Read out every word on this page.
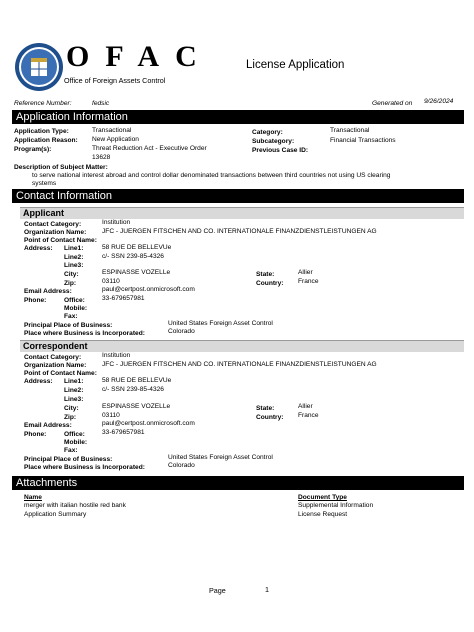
OFAC
Office of Foreign Assets Control
License Application
Reference Number:	fedsic	Generated on 9/26/2024
Application Information
Application Type:	Transactional
Application Reason: New Application
Program(s):	Threat Reduction Act - Executive Order
13628
Category:	Transactional
Subcategory:	Financial Transactions
Previous Case ID:
Description of Subject Matter:
to serve national interest abroad and control dollar denominated transactions between third countries not using US clearing
systems
Contact Information
Applicant
Contact Category:	Institution
Organization Name: JFC - JUERGEN FITSCHEN AND CO. INTERNATIONALE FINANZDIENSTLEISTUNGEN AG
Point of Contact Name:
Address: Line1:	58 RUE DE BELLEVUe
Line2:	c/- SSN 239-85-4326
Line3:
City:	ESPINASSE VOZELLe	State:	Allier
Zip:	03110	Country: France
Email Address:	paul@certpost.onmicrosoft.com
Phone:	Office:	33-679657981
Mobile:
Fax:
Principal Place of Business:	United States Foreign Asset Control
Place where Business is Incorporated:	Colorado
Correspondent
Contact Category:	Institution
Organization Name: JFC - JUERGEN FITSCHEN AND CO. INTERNATIONALE FINANZDIENSTLEISTUNGEN AG
Point of Contact Name:
Address: Line1:	58 RUE DE BELLEVUe
Line2:	c/- SSN 239-85-4326
Line3:
City:	ESPINASSE VOZELLe	State:	Allier
Zip:	03110	Country: France
Email Address:	paul@certpost.onmicrosoft.com
Phone:	Office:	33-679657981
Mobile:
Fax:
Principal Place of Business:	United States Foreign Asset Control
Place where Business is Incorporated:	Colorado
Attachments
Name	Document Type
merger with italian hostile red bank	Supplemental Information
Application Summary	License Request
Page	1
